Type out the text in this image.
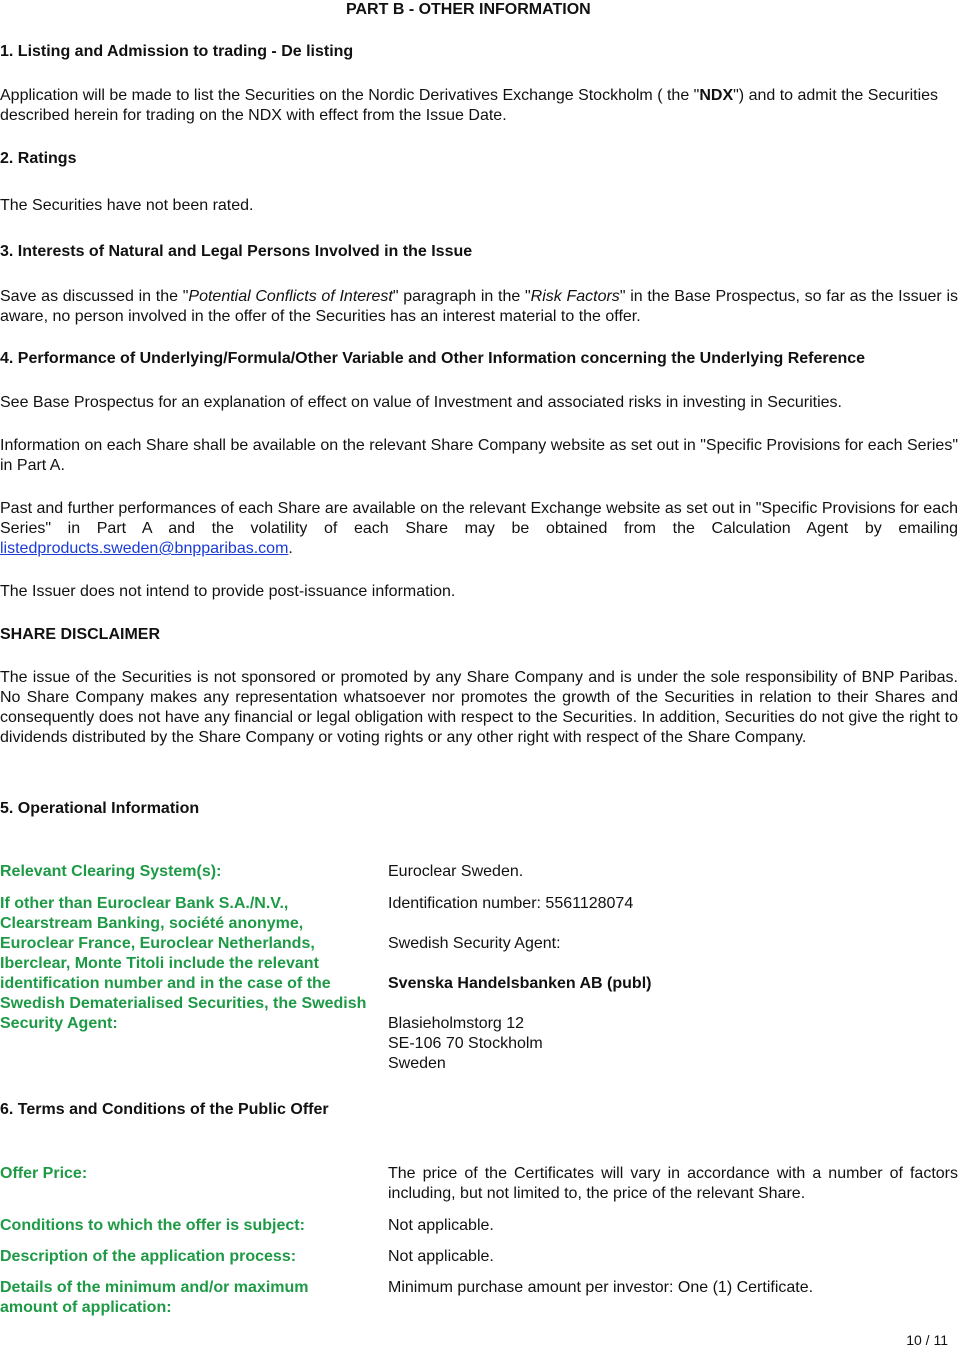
PART B - OTHER INFORMATION
1. Listing and Admission to trading - De listing

Application will be made to list the Securities on the Nordic Derivatives Exchange Stockholm ( the "NDX") and to admit the Securities described herein for trading on the NDX with effect from the Issue Date.

2. Ratings

The Securities have not been rated.

3. Interests of Natural and Legal Persons Involved in the Issue

Save as discussed in the "Potential Conflicts of Interest" paragraph in the "Risk Factors" in the Base Prospectus, so far as the Issuer is aware, no person involved in the offer of the Securities has an interest material to the offer.

4. Performance of Underlying/Formula/Other Variable and Other Information concerning the Underlying Reference

See Base Prospectus for an explanation of effect on value of Investment and associated risks in investing in Securities.

Information on each Share shall be available on the relevant Share Company website as set out in "Specific Provisions for each Series" in Part A.

Past and further performances of each Share are available on the relevant Exchange website as set out in "Specific Provisions for each Series" in Part A and the volatility of each Share may be obtained from the Calculation Agent by emailing listedproducts.sweden@bnpparibas.com.

The Issuer does not intend to provide post-issuance information.

SHARE DISCLAIMER

The issue of the Securities is not sponsored or promoted by any Share Company and is under the sole responsibility of BNP Paribas. No Share Company makes any representation whatsoever nor promotes the growth of the Securities in relation to their Shares and consequently does not have any financial or legal obligation with respect to the Securities. In addition, Securities do not give the right to dividends distributed by the Share Company or voting rights or any other right with respect of the Share Company.

5. Operational Information
Relevant Clearing System(s):	Euroclear Sweden.
If other than Euroclear Bank S.A./N.V., Clearstream Banking, société anonyme, Euroclear France, Euroclear Netherlands, Iberclear, Monte Titoli include the relevant identification number and in the case of the Swedish Dematerialised Securities, the Swedish Security Agent:
Identification number: 5561128074
Swedish Security Agent:
Svenska Handelsbanken AB (publ)
Blasieholmstorg 12
SE-106 70 Stockholm
Sweden
6. Terms and Conditions of the Public Offer
Offer Price:	The price of the Certificates will vary in accordance with a number of factors including, but not limited to, the price of the relevant Share.
Conditions to which the offer is subject:	Not applicable.
Description of the application process:	Not applicable.
Details of the minimum and/or maximum amount of application:
Minimum purchase amount per investor: One (1) Certificate.
10 / 11
